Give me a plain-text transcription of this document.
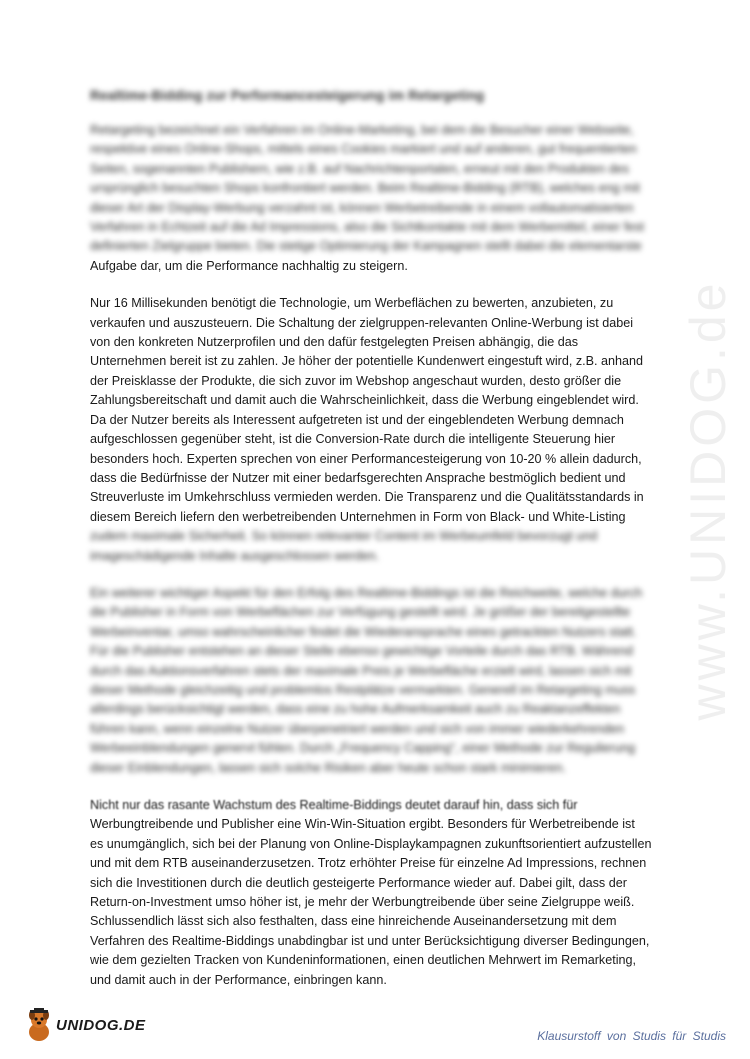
www.UNIDOG.de
Realtime-Bidding zur Performancesteigerung im Retargeting
Retargeting bezeichnet ein Verfahren im Online-Marketing, bei dem die Besucher einer Webseite,
respektive eines Online-Shops, mittels eines Cookies markiert und auf anderen, gut frequentierten
Seiten, sogenannten Publishern, wie z.B. auf Nachrichtenportalen, erneut mit den Produkten des
ursprünglich besuchten Shops konfrontiert werden. Beim Realtime-Bidding (RTB), welches eng mit
dieser Art der Display-Werbung verzahnt ist, können Werbetreibende in einem vollautomatisierten
Verfahren in Echtzeit auf die Ad Impressions, also die Sichtkontakte mit dem Werbemittel, einer fest
definierten Zielgruppe bieten. Die stetige Optimierung der Kampagnen stellt dabei die elementarste
Aufgabe dar, um die Performance nachhaltig zu steigern.
Nur 16 Millisekunden benötigt die Technologie, um Werbeflächen zu bewerten, anzubieten, zu
verkaufen und auszusteuern. Die Schaltung der zielgruppen-relevanten Online-Werbung ist dabei
von den konkreten Nutzerprofilen und den dafür festgelegten Preisen abhängig, die das
Unternehmen bereit ist zu zahlen. Je höher der potentielle Kundenwert eingestuft wird, z.B. anhand
der Preisklasse der Produkte, die sich zuvor im Webshop angeschaut wurden, desto größer die
Zahlungsbereitschaft und damit auch die Wahrscheinlichkeit, dass die Werbung eingeblendet wird.
Da der Nutzer bereits als Interessent aufgetreten ist und der eingeblendeten Werbung demnach
aufgeschlossen gegenüber steht, ist die Conversion-Rate durch die intelligente Steuerung hier
besonders hoch. Experten sprechen von einer Performancesteigerung von 10-20 % allein dadurch,
dass die Bedürfnisse der Nutzer mit einer bedarfsgerechten Ansprache bestmöglich bedient und
Streuverluste im Umkehrschluss vermieden werden. Die Transparenz und die Qualitätsstandards in
diesem Bereich liefern den werbetreibenden Unternehmen in Form von Black- und White-Listing
zudem maximale Sicherheit. So können relevanter Content im Werbeumfeld bevorzugt und
imageschädigende Inhalte ausgeschlossen werden.
Ein weiterer wichtiger Aspekt für den Erfolg des Realtime-Biddings ist die Reichweite, welche durch
die Publisher in Form von Werbeflächen zur Verfügung gestellt wird. Je größer der bereitgestellte
Werbeinventar, umso wahrscheinlicher findet die Wiederansprache eines getrackten Nutzers statt.
Für die Publisher entstehen an dieser Stelle ebenso gewichtige Vorteile durch das RTB. Während
durch das Auktionsverfahren stets der maximale Preis je Werbefläche erzielt wird, lassen sich mit
dieser Methode gleichzeitig und problemlos Restplätze vermarkten. Generell im Retargeting muss
allerdings berücksichtigt werden, dass eine zu hohe Aufmerksamkeit auch zu Reaktanzeffekten
führen kann, wenn einzelne Nutzer überpenetriert werden und sich von immer wiederkehrenden
Werbeeinblendungen genervt fühlen. Durch „Frequency Capping“, einer Methode zur Regulierung
dieser Einblendungen, lassen sich solche Risiken aber heute schon stark minimieren.
Nicht nur das rasante Wachstum des Realtime-Biddings deutet darauf hin, dass sich für
Werbungtreibende und Publisher eine Win-Win-Situation ergibt. Besonders für Werbetreibende ist
es unumgänglich, sich bei der Planung von Online-Displaykampagnen zukunftsorientiert aufzustellen
und mit dem RTB auseinanderzusetzen. Trotz erhöhter Preise für einzelne Ad Impressions, rechnen
sich die Investitionen durch die deutlich gesteigerte Performance wieder auf. Dabei gilt, dass der
Return-on-Investment umso höher ist, je mehr der Werbungtreibende über seine Zielgruppe weiß.
Schlussendlich lässt sich also festhalten, dass eine hinreichende Auseinandersetzung mit dem
Verfahren des Realtime-Biddings unabdingbar ist und unter Berücksichtigung diverser Bedingungen,
wie dem gezielten Tracken von Kundeninformationen, einen deutlichen Mehrwert im Remarketing,
und damit auch in der Performance, einbringen kann.
UNIDOG.DE
Klausurstoff von Studis für Studis
